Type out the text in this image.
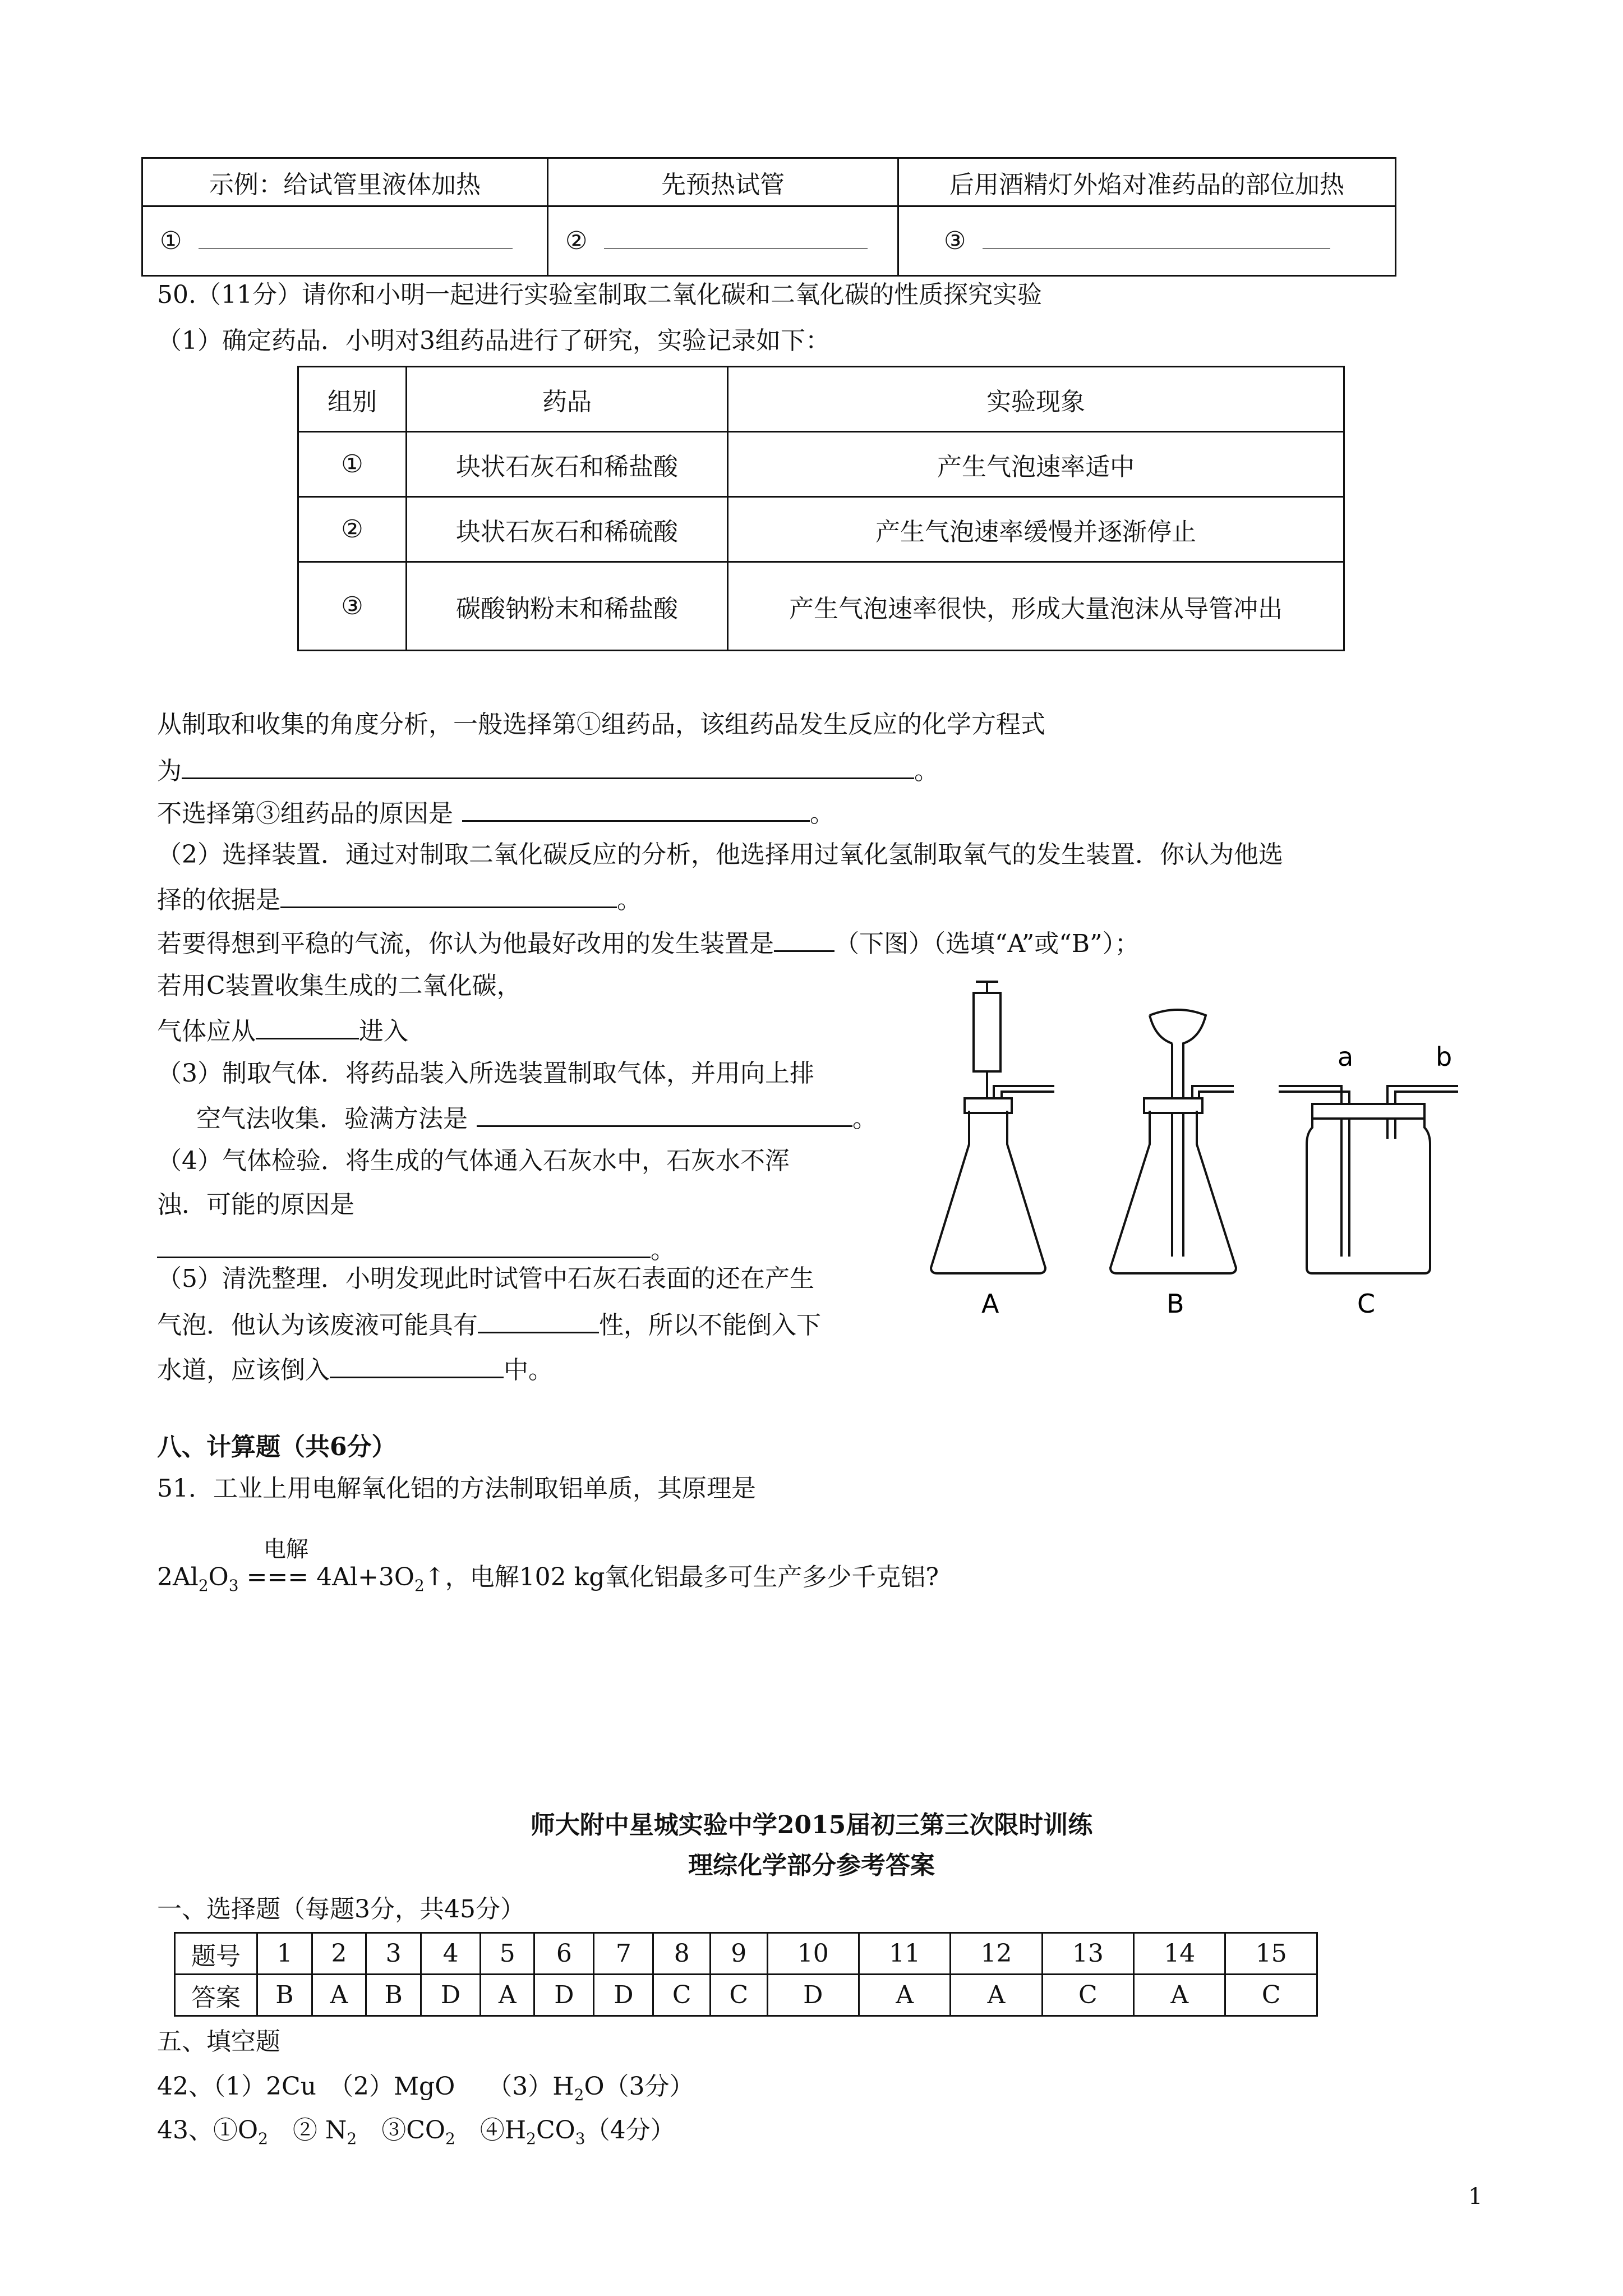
示例：给试管里液体加热	先预热试管	后用酒精灯外焰对准药品的部位加热
①	②	③
50.（11分）请你和小明一起进行实验室制取二氧化碳和二氧化碳的性质探究实验
（1）确定药品．小明对3组药品进行了研究，实验记录如下：
组别	药品	实验现象
①	块状石灰石和稀盐酸	产生气泡速率适中
②	块状石灰石和稀硫酸	产生气泡速率缓慢并逐渐停止
③	碳酸钠粉末和稀盐酸	产生气泡速率很快，形成大量泡沫从导管冲出
从制取和收集的角度分析，一般选择第①组药品，该组药品发生反应的化学方程式
为	。
不选择第③组药品的原因是	。
（2）选择装置．通过对制取二氧化碳反应的分析，他选择用过氧化氢制取氧气的发生装置．你认为他选
择的依据是	。
若要得想到平稳的气流，你认为他最好改用的发生装置是 （下图）（选填“A”或“B”）；
若用C装置收集生成的二氧化碳，
气体应从	进入
（3）制取气体．将药品装入所选装置制取气体，并用向上排
空气法收集．验满方法是	。
（4）气体检验．将生成的气体通入石灰水中，石灰水不浑
浊．可能的原因是
。
（5）清洗整理．小明发现此时试管中石灰石表面的还在产生
气泡．他认为该废液可能具有	性，所以不能倒入下
水道，应该倒入	中。
A	B	C
a	b
八、计算题（共6分）
51．工业上用电解氧化铝的方法制取铝单质，其原理是
电解
$2Al_2O_3$ === $4Al+3O_2↑$，电解102 kg氧化铝最多可生产多少千克铝?
师大附中星城实验中学2015届初三第三次限时训练
理综化学部分参考答案
一、选择题（每题3分，共45分）
题号	1	2	3	4	5	6	7	8	9	10	11	12	13	14	15
答案	B	A	B	D	A	D	D	C	C	D	A	A	C	A	C
五、填空题
42、（1）2Cu　（2）MgO　 $(3)H_2O(3$分）
43、$①O_2$　② $N_2$　$③CO_2$　$④H_2CO_3(4$分）
1
